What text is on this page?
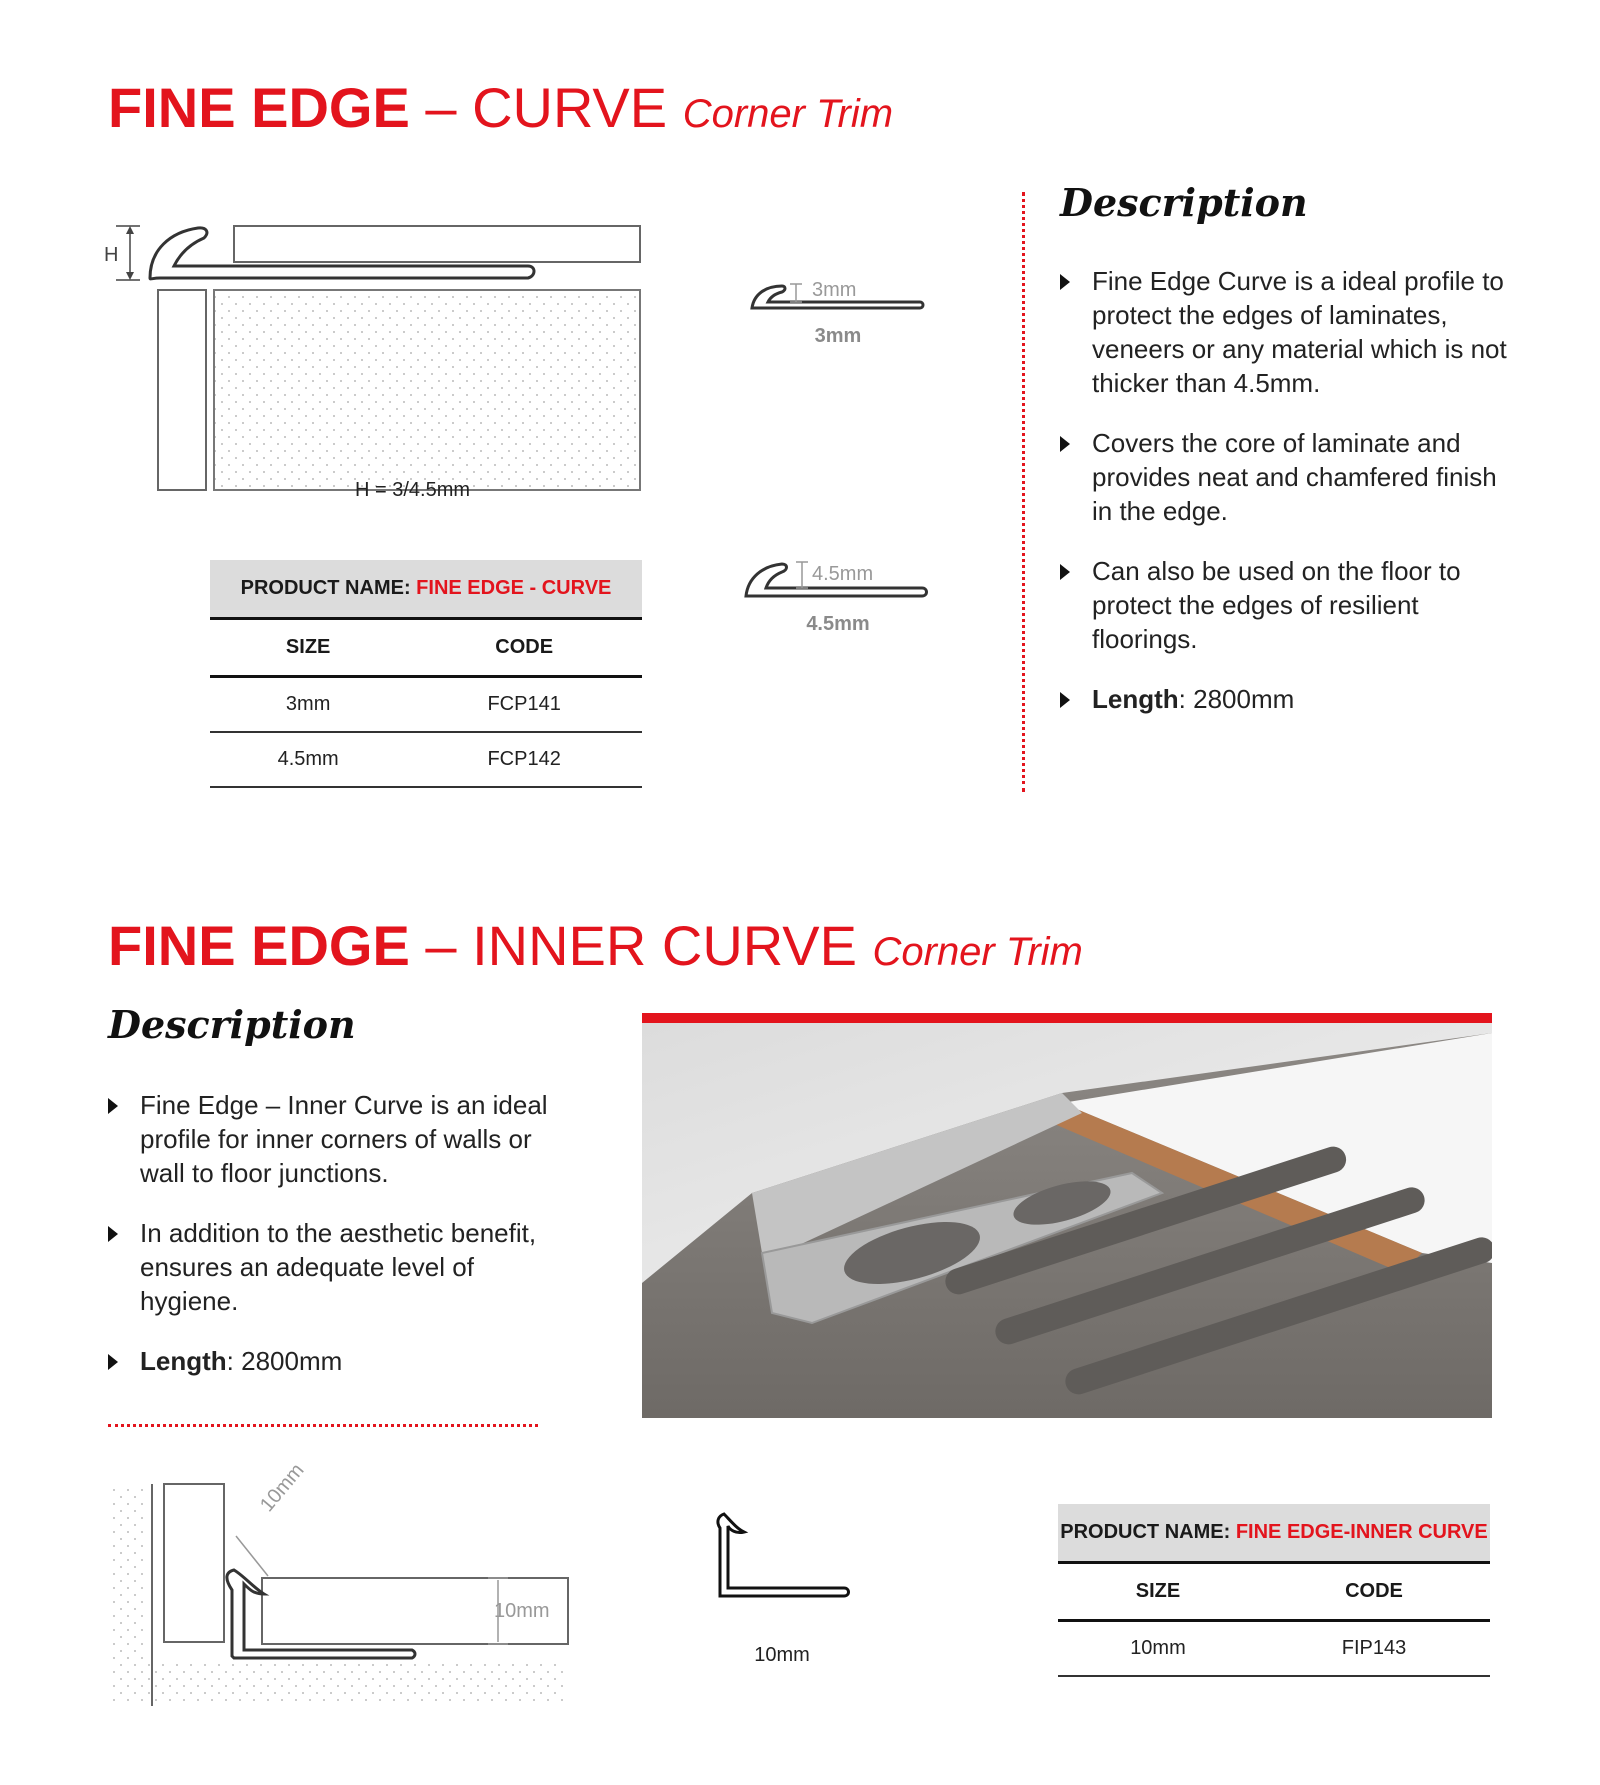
FINE EDGE – CURVE Corner Trim
H
H = 3/4.5mm
3mm
3mm
4.5mm
4.5mm
PRODUCT NAME: FINE EDGE - CURVE	
SIZE	CODE
3mm	FCP141
4.5mm	FCP142
Description
Fine Edge Curve is a ideal profile to protect the edges of laminates, veneers or any material which is not thicker than 4.5mm.
Covers the core of laminate and provides neat and chamfered finish in the edge.
Can also be used on the floor to protect the edges of resilient floorings.
Length: 2800mm
FINE EDGE – INNER CURVE Corner Trim
Description
Fine Edge – Inner Curve is an ideal profile for inner corners of walls or wall to floor junctions.
In addition to the aesthetic benefit, ensures an adequate level of hygiene.
Length: 2800mm
10mm
10mm
10mm
PRODUCT NAME: FINE EDGE-INNER CURVE	
SIZE	CODE
10mm	FIP143
